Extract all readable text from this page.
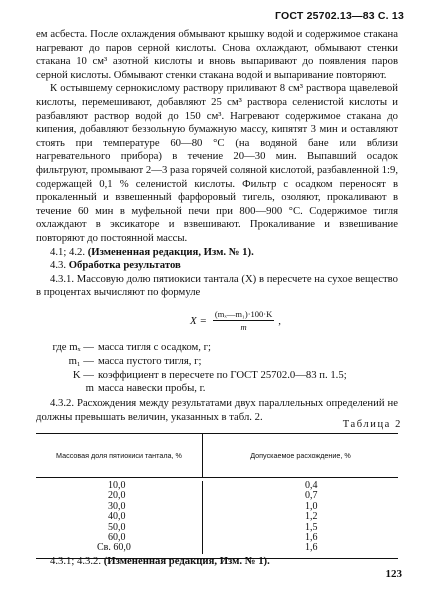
ГОСТ 25702.13—83 С. 13

ем асбеста. После охлаждения обмывают крышку водой и содержимое стакана нагревают до паров серной кислоты. Снова охлаждают, обмывают стенки стакана 10 см³ азотной кислоты и вновь выпаривают до появления паров серной кислоты. Обмывают стенки стакана водой и выпаривание повторяют.

К остывшему сернокислому раствору приливают 8 см³ раствора щавелевой кислоты, перемешивают, добавляют 25 см³ раствора селенистой кислоты и разбавляют раствор водой до 150 см³. Нагревают содержимое стакана до кипения, добавляют беззольную бумажную массу, кипятят 3 мин и оставляют стоять при температуре 60—80 °С (на водяной бане или вблизи нагревательного прибора) в течение 20—30 мин. Выпавший осадок фильтруют, промывают 2—3 раза горячей соляной кислотой, разбавленной 1:9, содержащей 0,1 % селенистой кислоты. Фильтр с осадком переносят в прокаленный и взвешенный фарфоровый тигель, озоляют, прокаливают в течение 60 мин в муфельной печи при 800—900 °С. Содержимое тигля охлаждают в эксикаторе и взвешивают. Прокаливание и взвешивание повторяют до постоянной массы.

4.1; 4.2. (Измененная редакция, Изм. № 1).

4.3. Обработка результатов

4.3.1. Массовую долю пятиокиси тантала (X) в пересчете на сухое вещество в процентах вычисляют по формуле

$X = \frac{\text{(mₓ—m₁)·100·K}}{m}$ ,
где mₓ — масса тигля с осадком, г;
m₁ — масса пустого тигля, г;
K — коэффициент в пересчете по ГОСТ 25702.0—83 п. 1.5;
m масса навески пробы, г.

4.3.2. Расхождения между результатами двух параллельных определений не должны превышать величин, указанных в табл. 2.

Таблица 2
Массовая доля пятиокиси тантала, %	Допускаемое расхождение, %
10,0
20,0
30,0
40,0
50,0
60,0
Св. 60,0
0,4
0,7
1,0
1,2
1,5
1,6
1,6

4.3.1; 4.3.2. (Измененная редакция, Изм. № 1).

123
